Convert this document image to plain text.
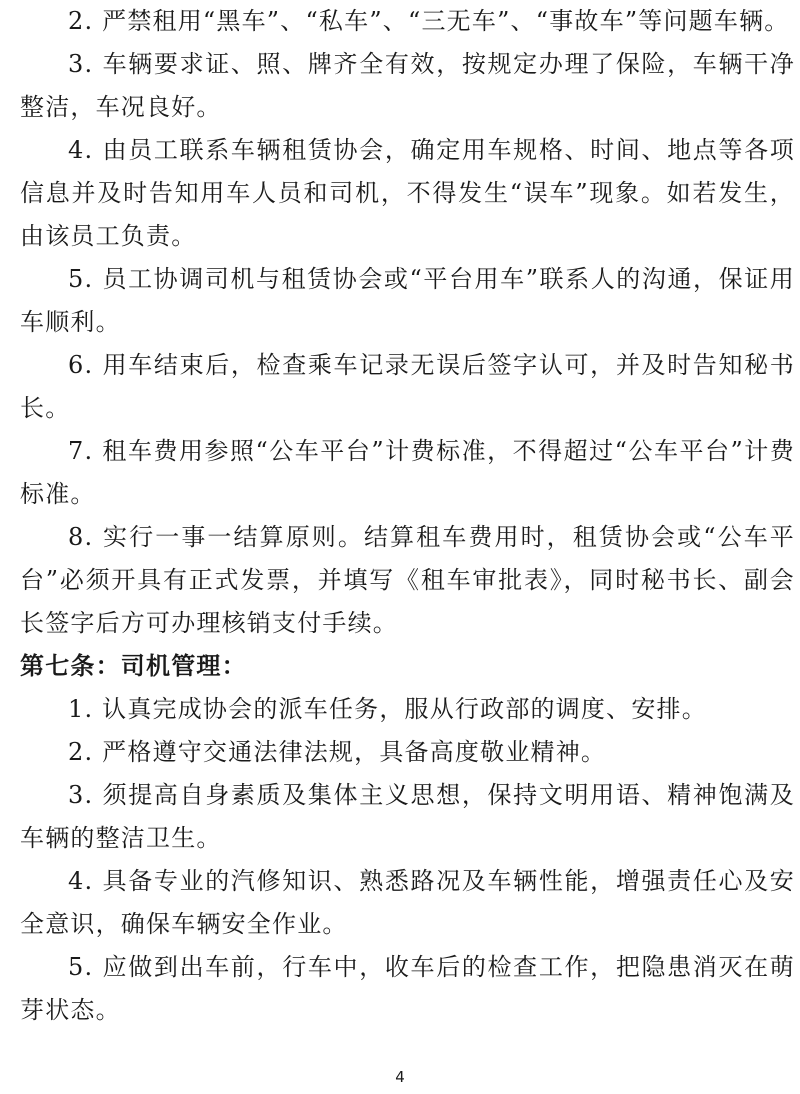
2. 严禁租用“黑车”、“私车”、“三无车”、“事故车”等问题车辆。

3. 车辆要求证、照、牌齐全有效，按规定办理了保险，车辆干净整洁，车况良好。

4. 由员工联系车辆租赁协会，确定用车规格、时间、地点等各项信息并及时告知用车人员和司机，不得发生“误车”现象。如若发生，由该员工负责。

5. 员工协调司机与租赁协会或“平台用车”联系人的沟通，保证用车顺利。

6. 用车结束后，检查乘车记录无误后签字认可，并及时告知秘书长。

7. 租车费用参照“公车平台”计费标准，不得超过“公车平台”计费标准。

8. 实行一事一结算原则。结算租车费用时，租赁协会或“公车平台”必须开具有正式发票，并填写《租车审批表》，同时秘书长、副会长签字后方可办理核销支付手续。

第七条：司机管理：

1. 认真完成协会的派车任务，服从行政部的调度、安排。

2. 严格遵守交通法律法规，具备高度敬业精神。

3. 须提高自身素质及集体主义思想，保持文明用语、精神饱满及车辆的整洁卫生。

4. 具备专业的汽修知识、熟悉路况及车辆性能，增强责任心及安全意识，确保车辆安全作业。

5. 应做到出车前，行车中，收车后的检查工作，把隐患消灭在萌芽状态。

4
